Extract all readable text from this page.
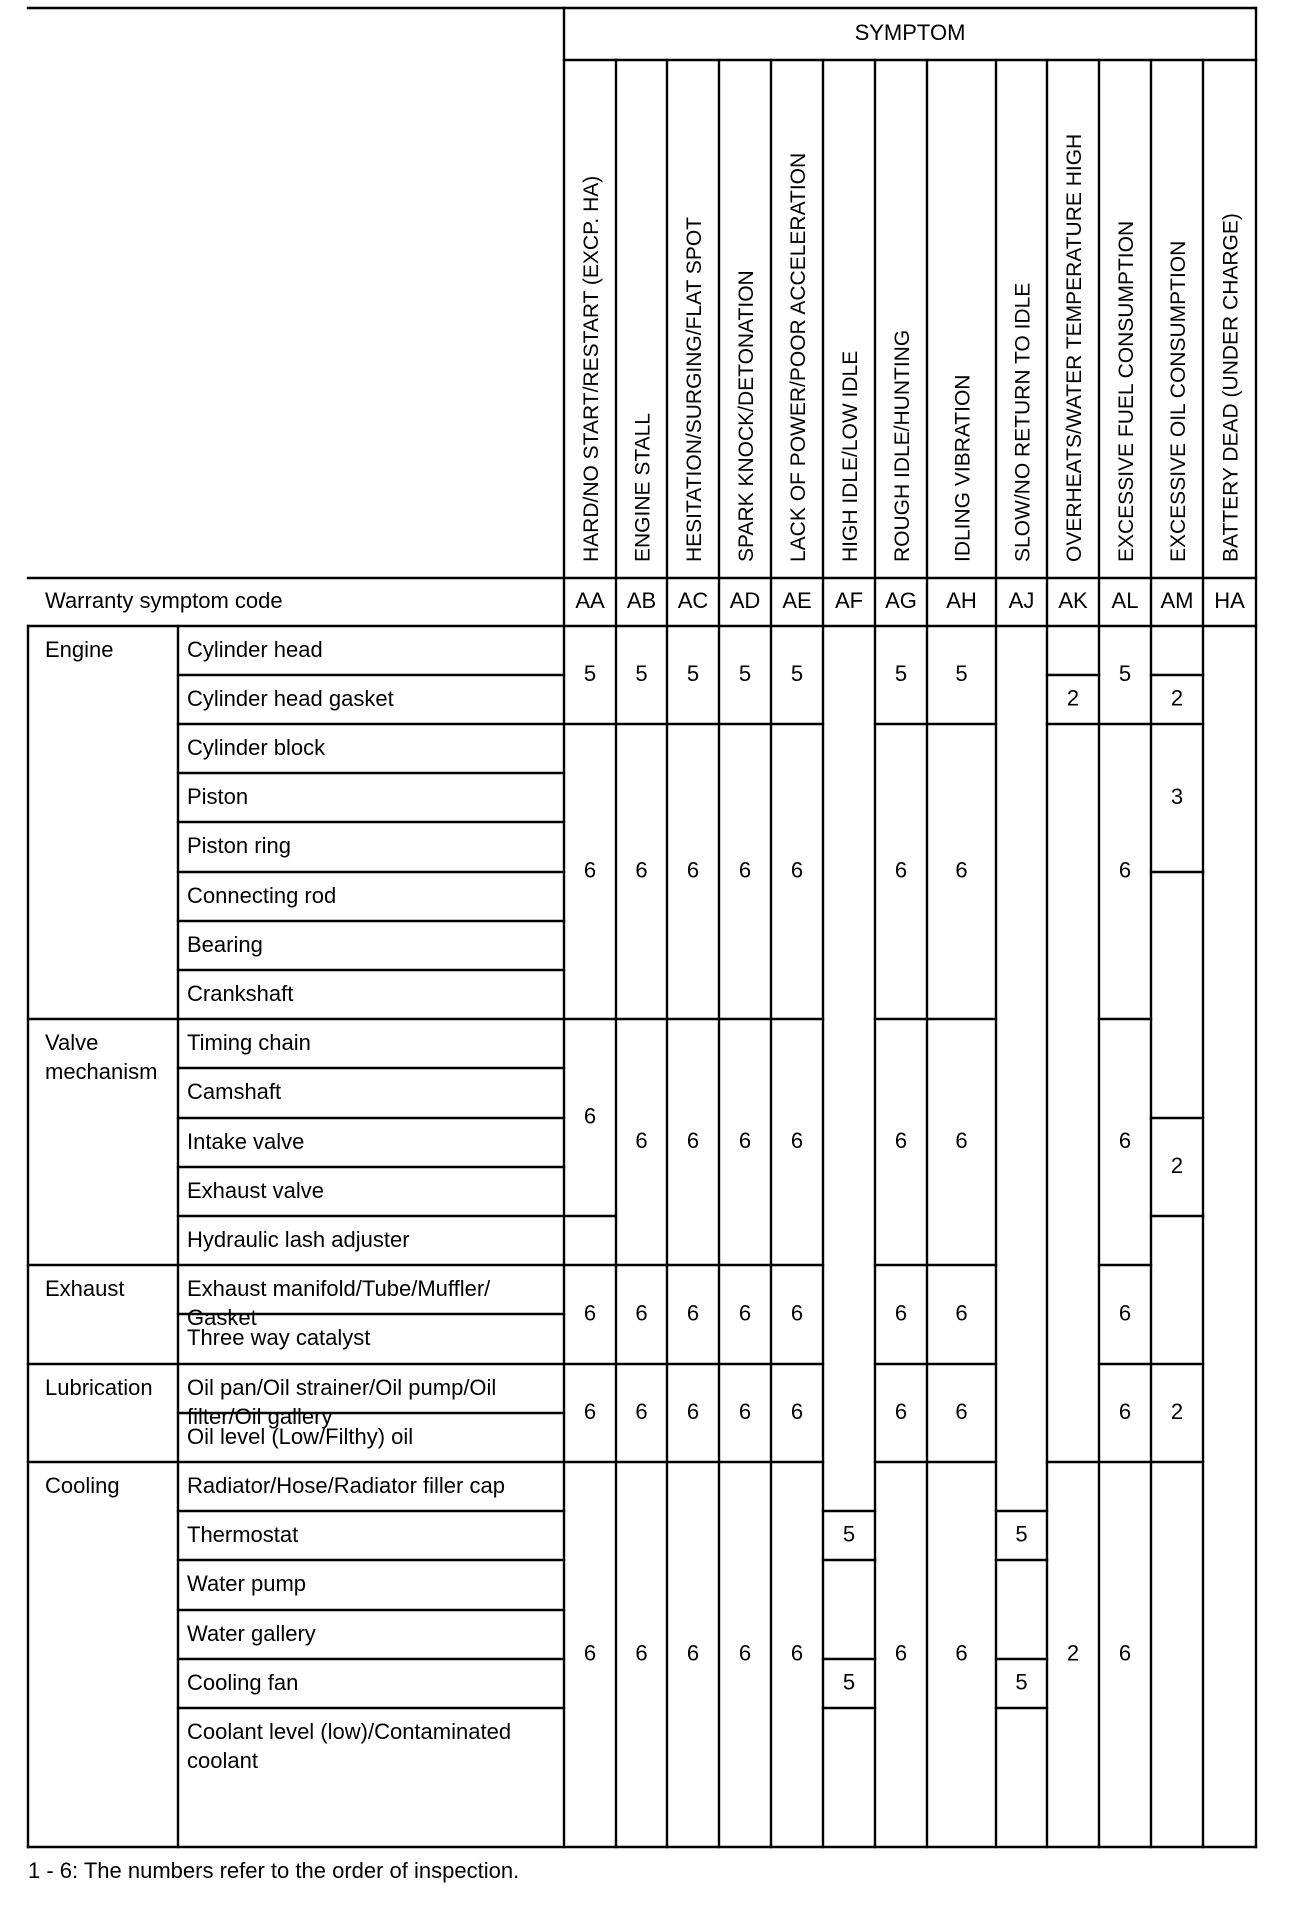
SYMPTOM
HARD/NO START/RESTART (EXCP. HA)
AA
ENGINE STALL
AB
HESITATION/SURGING/FLAT SPOT
AC
SPARK KNOCK/DETONATION
AD
LACK OF POWER/POOR ACCELERATION
AE
HIGH IDLE/LOW IDLE
AF
ROUGH IDLE/HUNTING
AG
IDLING VIBRATION
AH
SLOW/NO RETURN TO IDLE
AJ
OVERHEATS/WATER TEMPERATURE HIGH
AK
EXCESSIVE FUEL CONSUMPTION
AL
EXCESSIVE OIL CONSUMPTION
AM
BATTERY DEAD (UNDER CHARGE)
HA
Warranty symptom code
Engine
Valve
mechanism
Exhaust
Lubrication
Cooling
Cylinder head
Cylinder head gasket
Cylinder block
Piston
Piston ring
Connecting rod
Bearing
Crankshaft
Timing chain
Camshaft
Intake valve
Exhaust valve
Hydraulic lash adjuster
Exhaust manifold/Tube/Muffler/
Gasket
Three way catalyst
Oil pan/Oil strainer/Oil pump/Oil
filter/Oil gallery
Oil level (Low/Filthy) oil
Radiator/Hose/Radiator filler cap
Thermostat
Water pump
Water gallery
Cooling fan
Coolant level (low)/Contaminated
coolant
5
6
6
6
6
6
5
6
6
6
6
6
5
6
6
6
6
6
5
6
6
6
6
6
5
6
6
6
6
6
5
5
5
6
6
6
6
6
5
6
6
6
6
6
5
5
2
2
5
6
6
6
6
6
2
3
2
2
1 - 6: The numbers refer to the order of inspection.
